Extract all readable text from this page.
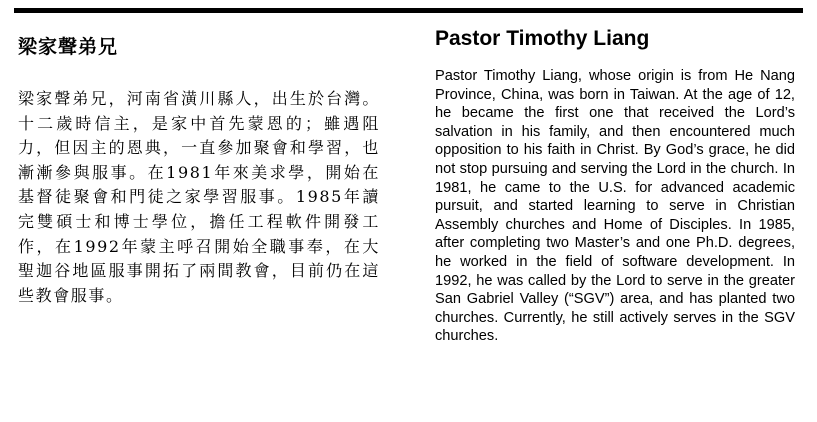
梁家聲弟兄

梁家聲弟兄，河南省潢川縣人，出生於台灣。十二歲時信主，是家中首先蒙恩的；雖遇阻力，但因主的恩典，一直參加聚會和學習，也漸漸參與服事。在1981年來美求學，開始在基督徒聚會和門徒之家學習服事。1985年讀完雙碩士和博士學位，擔任工程軟件開發工作，在1992年蒙主呼召開始全職事奉，在大聖迦谷地區服事開拓了兩間教會，目前仍在這些教會服事。

Pastor Timothy Liang

Pastor Timothy Liang, whose origin is from He Nang Province, China, was born in Taiwan. At the age of 12, he became the first one that received the Lord’s salvation in his family, and then encountered much opposition to his faith in Christ. By God’s grace, he did not stop pursuing and serving the Lord in the church. In 1981, he came to the U.S. for advanced academic pursuit, and started learning to serve in Christian Assembly churches and Home of Disciples. In 1985, after completing two Master’s and one Ph.D. degrees, he worked in the field of software development. In 1992, he was called by the Lord to serve in the greater San Gabriel Valley (“SGV”) area, and has planted two churches. Currently, he still actively serves in the SGV churches.
